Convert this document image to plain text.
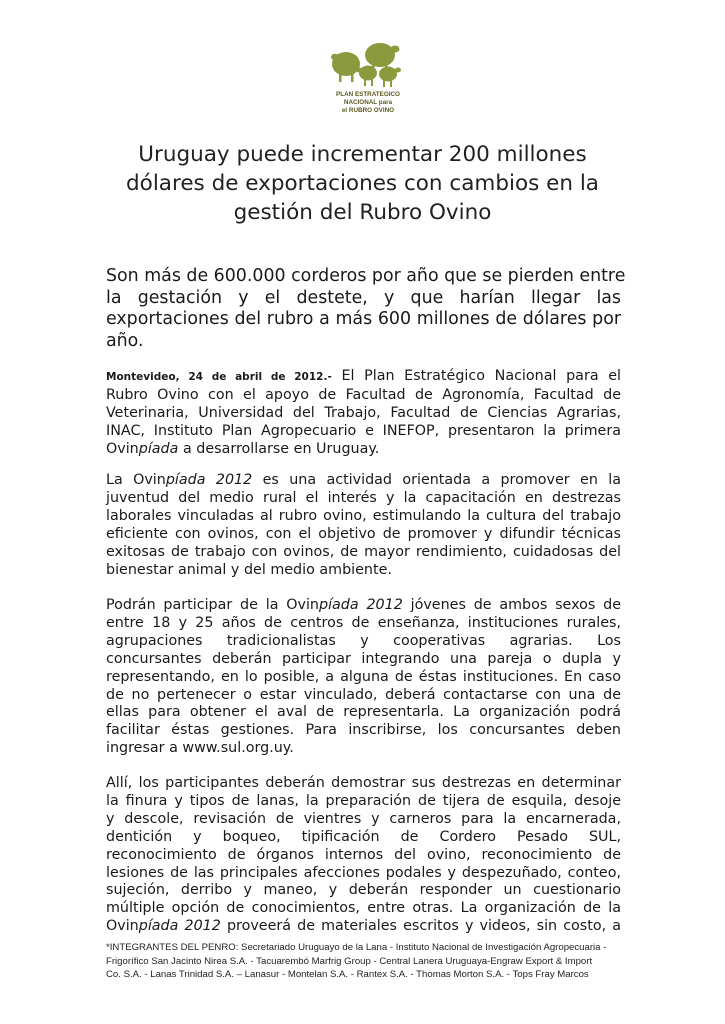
PLAN ESTRATEGICO
NACIONAL para
el RUBRO OVINO
Uruguay puede incrementar 200 millones
dólares de exportaciones con cambios en la
gestión del Rubro Ovino
Son más de 600.000 corderos por año que se pierden entre
la gestación y el destete, y que harían llegar las
exportaciones del rubro a más 600 millones de dólares por
año.
Montevideo, 24 de abril de 2012.- El Plan Estratégico Nacional para el
Rubro Ovino con el apoyo de Facultad de Agronomía, Facultad de
Veterinaria, Universidad del Trabajo, Facultad de Ciencias Agrarias,
INAC, Instituto Plan Agropecuario e INEFOP, presentaron la primera
Ovinpíada a desarrollarse en Uruguay.
La Ovinpíada 2012 es una actividad orientada a promover en la
juventud del medio rural el interés y la capacitación en destrezas
laborales vinculadas al rubro ovino, estimulando la cultura del trabajo
eficiente con ovinos, con el objetivo de promover y difundir técnicas
exitosas de trabajo con ovinos, de mayor rendimiento, cuidadosas del
bienestar animal y del medio ambiente.
Podrán participar de la Ovinpíada 2012 jóvenes de ambos sexos de
entre 18 y 25 años de centros de enseñanza, instituciones rurales,
agrupaciones tradicionalistas y cooperativas agrarias. Los
concursantes deberán participar integrando una pareja o dupla y
representando, en lo posible, a alguna de éstas instituciones. En caso
de no pertenecer o estar vinculado, deberá contactarse con una de
ellas para obtener el aval de representarla. La organización podrá
facilitar éstas gestiones. Para inscribirse, los concursantes deben
ingresar a www.sul.org.uy.
Allí, los participantes deberán demostrar sus destrezas en determinar
la finura y tipos de lanas, la preparación de tijera de esquila, desoje
y descole, revisación de vientres y carneros para la encarnerada,
dentición y boqueo, tipificación de Cordero Pesado SUL,
reconocimiento de órganos internos del ovino, reconocimiento de
lesiones de las principales afecciones podales y despezuñado, conteo,
sujeción, derribo y maneo, y deberán responder un cuestionario
múltiple opción de conocimientos, entre otras. La organización de la
Ovinpíada 2012 proveerá de materiales escritos y videos, sin costo, a
*INTEGRANTES DEL PENRO: Secretariado Uruguayo de la Lana - Instituto Nacional de Investigación Agropecuaria -
Frigorífico San Jacinto Nirea S.A. - Tacuarembó Marfrig Group - Central Lanera Uruguaya-Engraw Export & Import
Co. S.A. - Lanas Trinidad S.A. – Lanasur - Montelan S.A. - Rantex S.A. - Thomas Morton S.A. - Tops Fray Marcos
